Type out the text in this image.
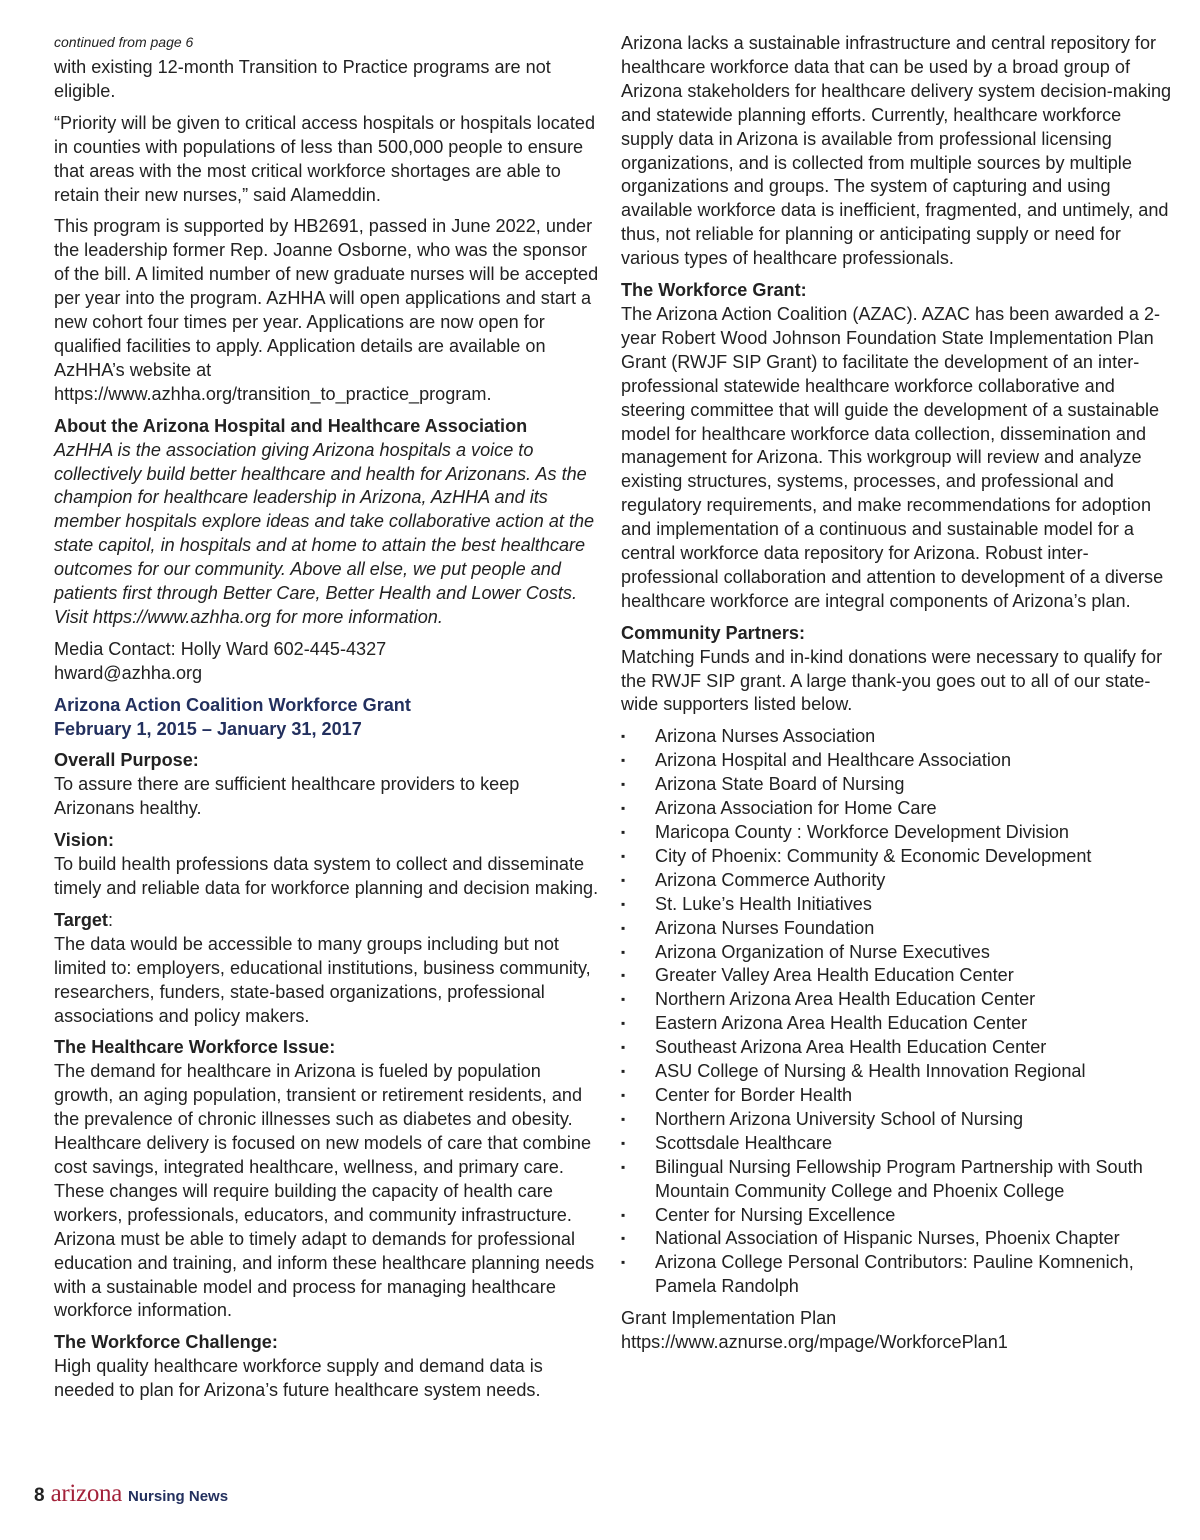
continued from page 6

with existing 12-month Transition to Practice programs are not eligible.

“Priority will be given to critical access hospitals or hospitals located in counties with populations of less than 500,000 people to ensure that areas with the most critical workforce shortages are able to retain their new nurses,” said Alameddin.

This program is supported by HB2691, passed in June 2022, under the leadership former Rep. Joanne Osborne, who was the sponsor of the bill. A limited number of new graduate nurses will be accepted per year into the program. AzHHA will open applications and start a new cohort four times per year. Applications are now open for qualified facilities to apply. Application details are available on AzHHA’s website at https://www.azhha.org/transition_to_practice_program.

About the Arizona Hospital and Healthcare Association
AzHHA is the association giving Arizona hospitals a voice to collectively build better healthcare and health for Arizonans. As the champion for healthcare leadership in Arizona, AzHHA and its member hospitals explore ideas and take collaborative action at the state capitol, in hospitals and at home to attain the best healthcare outcomes for our community. Above all else, we put people and patients first through Better Care, Better Health and Lower Costs. Visit https://www.azhha.org for more information.

Media Contact: Holly Ward 602-445-4327
hward@azhha.org

Arizona Action Coalition Workforce Grant
February 1, 2015 – January 31, 2017

Overall Purpose:
To assure there are sufficient healthcare providers to keep Arizonans healthy.

Vision:
To build health professions data system to collect and disseminate timely and reliable data for workforce planning and decision making.

Target:
The data would be accessible to many groups including but not limited to: employers, educational institutions, business community, researchers, funders, state-based organizations, professional associations and policy makers.

The Healthcare Workforce Issue:
The demand for healthcare in Arizona is fueled by population growth, an aging population, transient or retirement residents, and the prevalence of chronic illnesses such as diabetes and obesity. Healthcare delivery is focused on new models of care that combine cost savings, integrated healthcare, wellness, and primary care. These changes will require building the capacity of health care workers, professionals, educators, and community infrastructure. Arizona must be able to timely adapt to demands for professional education and training, and inform these healthcare planning needs with a sustainable model and process for managing healthcare workforce information.

The Workforce Challenge:
High quality healthcare workforce supply and demand data is needed to plan for Arizona’s future healthcare system needs.

Arizona lacks a sustainable infrastructure and central repository for healthcare workforce data that can be used by a broad group of Arizona stakeholders for healthcare delivery system decision-making and statewide planning efforts. Currently, healthcare workforce supply data in Arizona is available from professional licensing organizations, and is collected from multiple sources by multiple organizations and groups. The system of capturing and using available workforce data is inefficient, fragmented, and untimely, and thus, not reliable for planning or anticipating supply or need for various types of healthcare professionals.

The Workforce Grant:
The Arizona Action Coalition (AZAC). AZAC has been awarded a 2-year Robert Wood Johnson Foundation State Implementation Plan Grant (RWJF SIP Grant) to facilitate the development of an inter-professional statewide healthcare workforce collaborative and steering committee that will guide the development of a sustainable model for healthcare workforce data collection, dissemination and management for Arizona. This workgroup will review and analyze existing structures, systems, processes, and professional and regulatory requirements, and make recommendations for adoption and implementation of a continuous and sustainable model for a central workforce data repository for Arizona. Robust inter-professional collaboration and attention to development of a diverse healthcare workforce are integral components of Arizona’s plan.

Community Partners:
Matching Funds and in-kind donations were necessary to qualify for the RWJF SIP grant. A large thank-you goes out to all of our state-wide supporters listed below.

▪	Arizona Nurses Association
▪	Arizona Hospital and Healthcare Association
▪	Arizona State Board of Nursing
▪	Arizona Association for Home Care
▪	Maricopa County : Workforce Development Division
▪	City of Phoenix: Community & Economic Development
▪	Arizona Commerce Authority
▪	St. Luke’s Health Initiatives
▪	Arizona Nurses Foundation
▪	Arizona Organization of Nurse Executives
▪	Greater Valley Area Health Education Center
▪	Northern Arizona Area Health Education Center
▪	Eastern Arizona Area Health Education Center
▪	Southeast Arizona Area Health Education Center
▪	ASU College of Nursing & Health Innovation Regional
▪	Center for Border Health
▪	Northern Arizona University School of Nursing
▪	Scottsdale Healthcare
▪	Bilingual Nursing Fellowship Program Partnership with South Mountain Community College and Phoenix College
▪	Center for Nursing Excellence
▪	National Association of Hispanic Nurses, Phoenix Chapter
▪	Arizona College Personal Contributors: Pauline Komnenich, Pamela Randolph

Grant Implementation Plan
https://www.aznurse.org/mpage/WorkforcePlan1

8 arizona Nursing News
